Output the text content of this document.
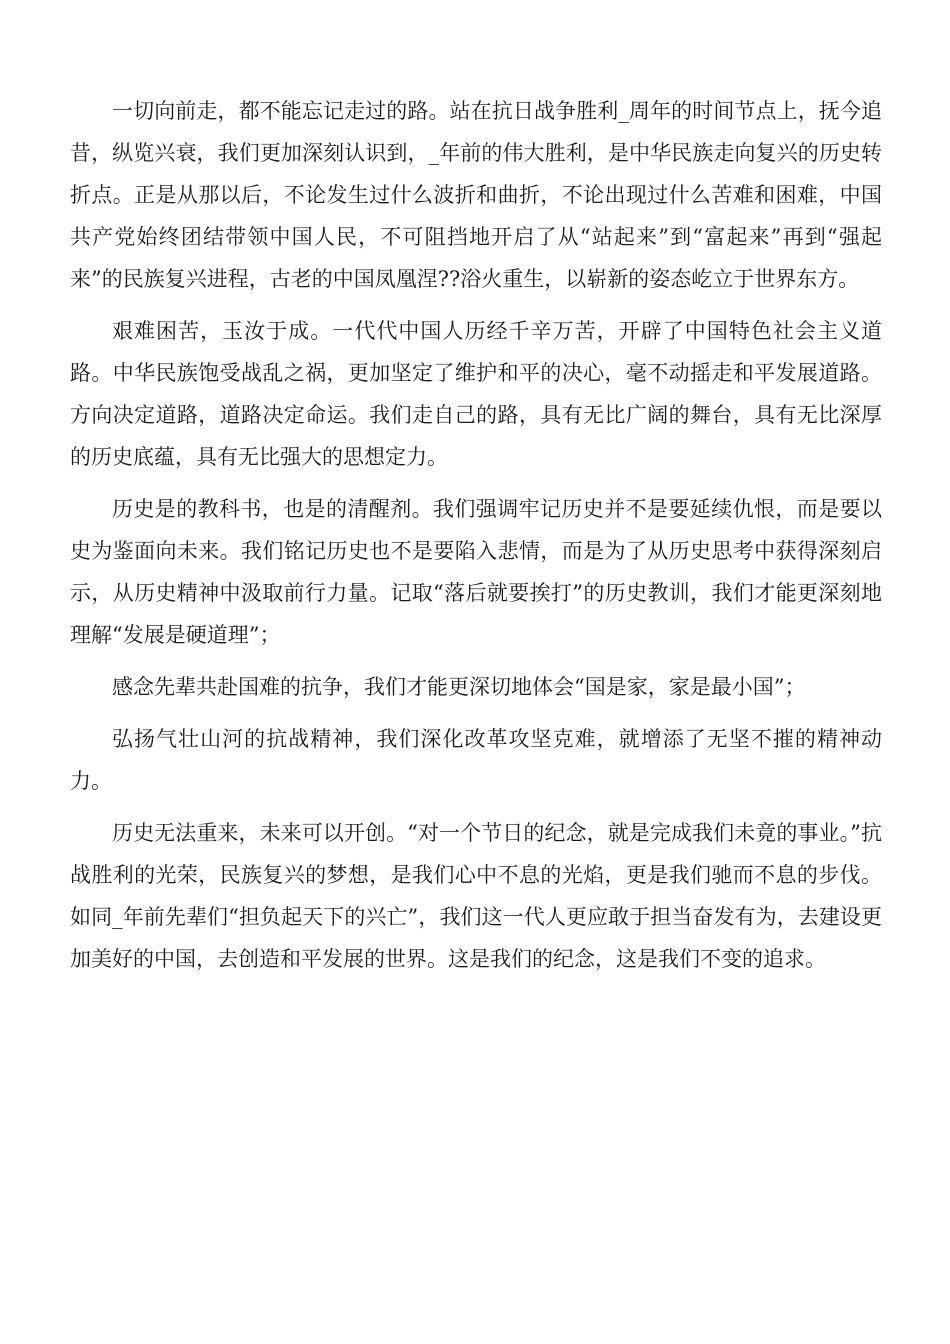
一切向前走，都不能忘记走过的路。站在抗日战争胜利_周年的时间节点上，抚今追昔，纵览兴衰，我们更加深刻认识到，_年前的伟大胜利，是中华民族走向复兴的历史转折点。正是从那以后，不论发生过什么波折和曲折，不论出现过什么苦难和困难，中国共产党始终团结带领中国人民，不可阻挡地开启了从“站起来”到“富起来”再到“强起来”的民族复兴进程，古老的中国凤凰涅??浴火重生，以崭新的姿态屹立于世界东方。

艰难困苦，玉汝于成。一代代中国人历经千辛万苦，开辟了中国特色社会主义道路。中华民族饱受战乱之祸，更加坚定了维护和平的决心，毫不动摇走和平发展道路。方向决定道路，道路决定命运。我们走自己的路，具有无比广阔的舞台，具有无比深厚的历史底蕴，具有无比强大的思想定力。

历史是的教科书，也是的清醒剂。我们强调牢记历史并不是要延续仇恨，而是要以史为鉴面向未来。我们铭记历史也不是要陷入悲情，而是为了从历史思考中获得深刻启示，从历史精神中汲取前行力量。记取“落后就要挨打”的历史教训，我们才能更深刻地理解“发展是硬道理”；

感念先辈共赴国难的抗争，我们才能更深切地体会“国是家，家是最小国”；

弘扬气壮山河的抗战精神，我们深化改革攻坚克难，就增添了无坚不摧的精神动力。

历史无法重来，未来可以开创。“对一个节日的纪念，就是完成我们未竟的事业。”抗战胜利的光荣，民族复兴的梦想，是我们心中不息的光焰，更是我们驰而不息的步伐。如同_年前先辈们“担负起天下的兴亡”，我们这一代人更应敢于担当奋发有为，去建设更加美好的中国，去创造和平发展的世界。这是我们的纪念，这是我们不变的追求。
